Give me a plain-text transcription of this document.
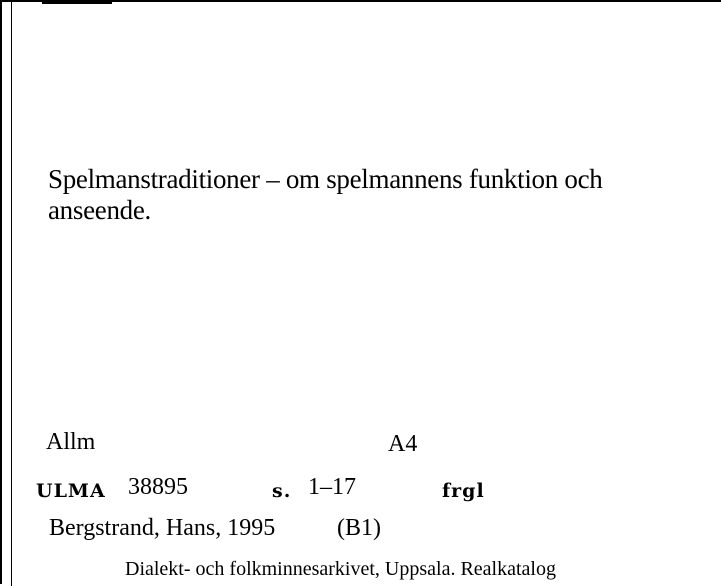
Spelmanstraditioner – om spelmannens funktion och anseende.
Allm	A4
ULMA 38895	s. 1–17	frgl
Bergstrand, Hans, 1995	(B1)
Dialekt- och folkminnesarkivet, Uppsala. Realkatalog
